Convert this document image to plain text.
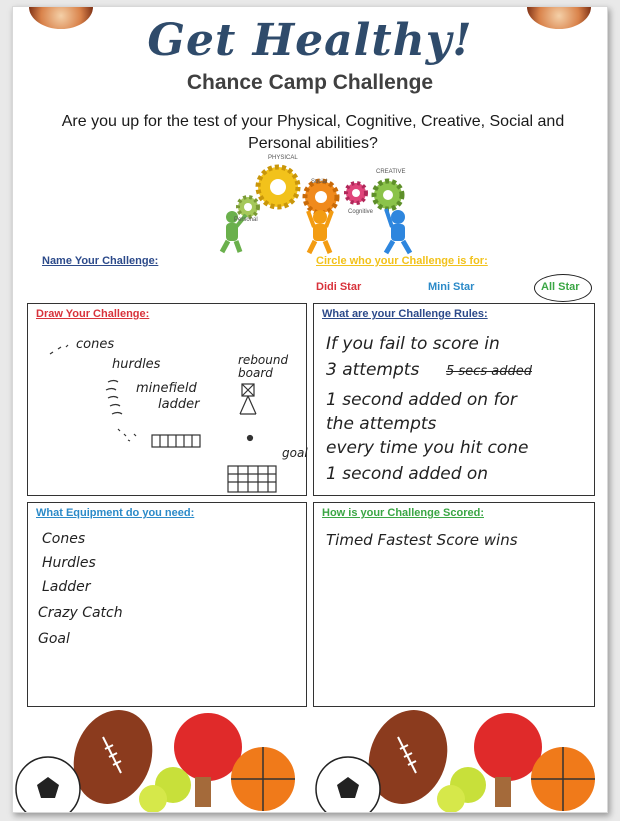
Get Healthy!
Chance Camp Challenge
Are you up for the test of your Physical, Cognitive, Creative, Social and Personal abilities?
PHYSICAL
Social
CREATIVE
Cognitive
Personal
Name Your Challenge:	Circle who your Challenge is for:
Didi Star	Mini Star	All Star
Draw Your Challenge:
cones
hurdles	rebound board
minefield
ladder
goal
What are your Challenge Rules:
If you fail to score in
3 attempts 5 secs added
1 second added on for
the attempts
every time you hit cone
1 second added on
What Equipment do you need:
Cones
Hurdles
Ladder
Crazy Catch
Goal
How is your Challenge Scored:
Timed Fastest Score wins
